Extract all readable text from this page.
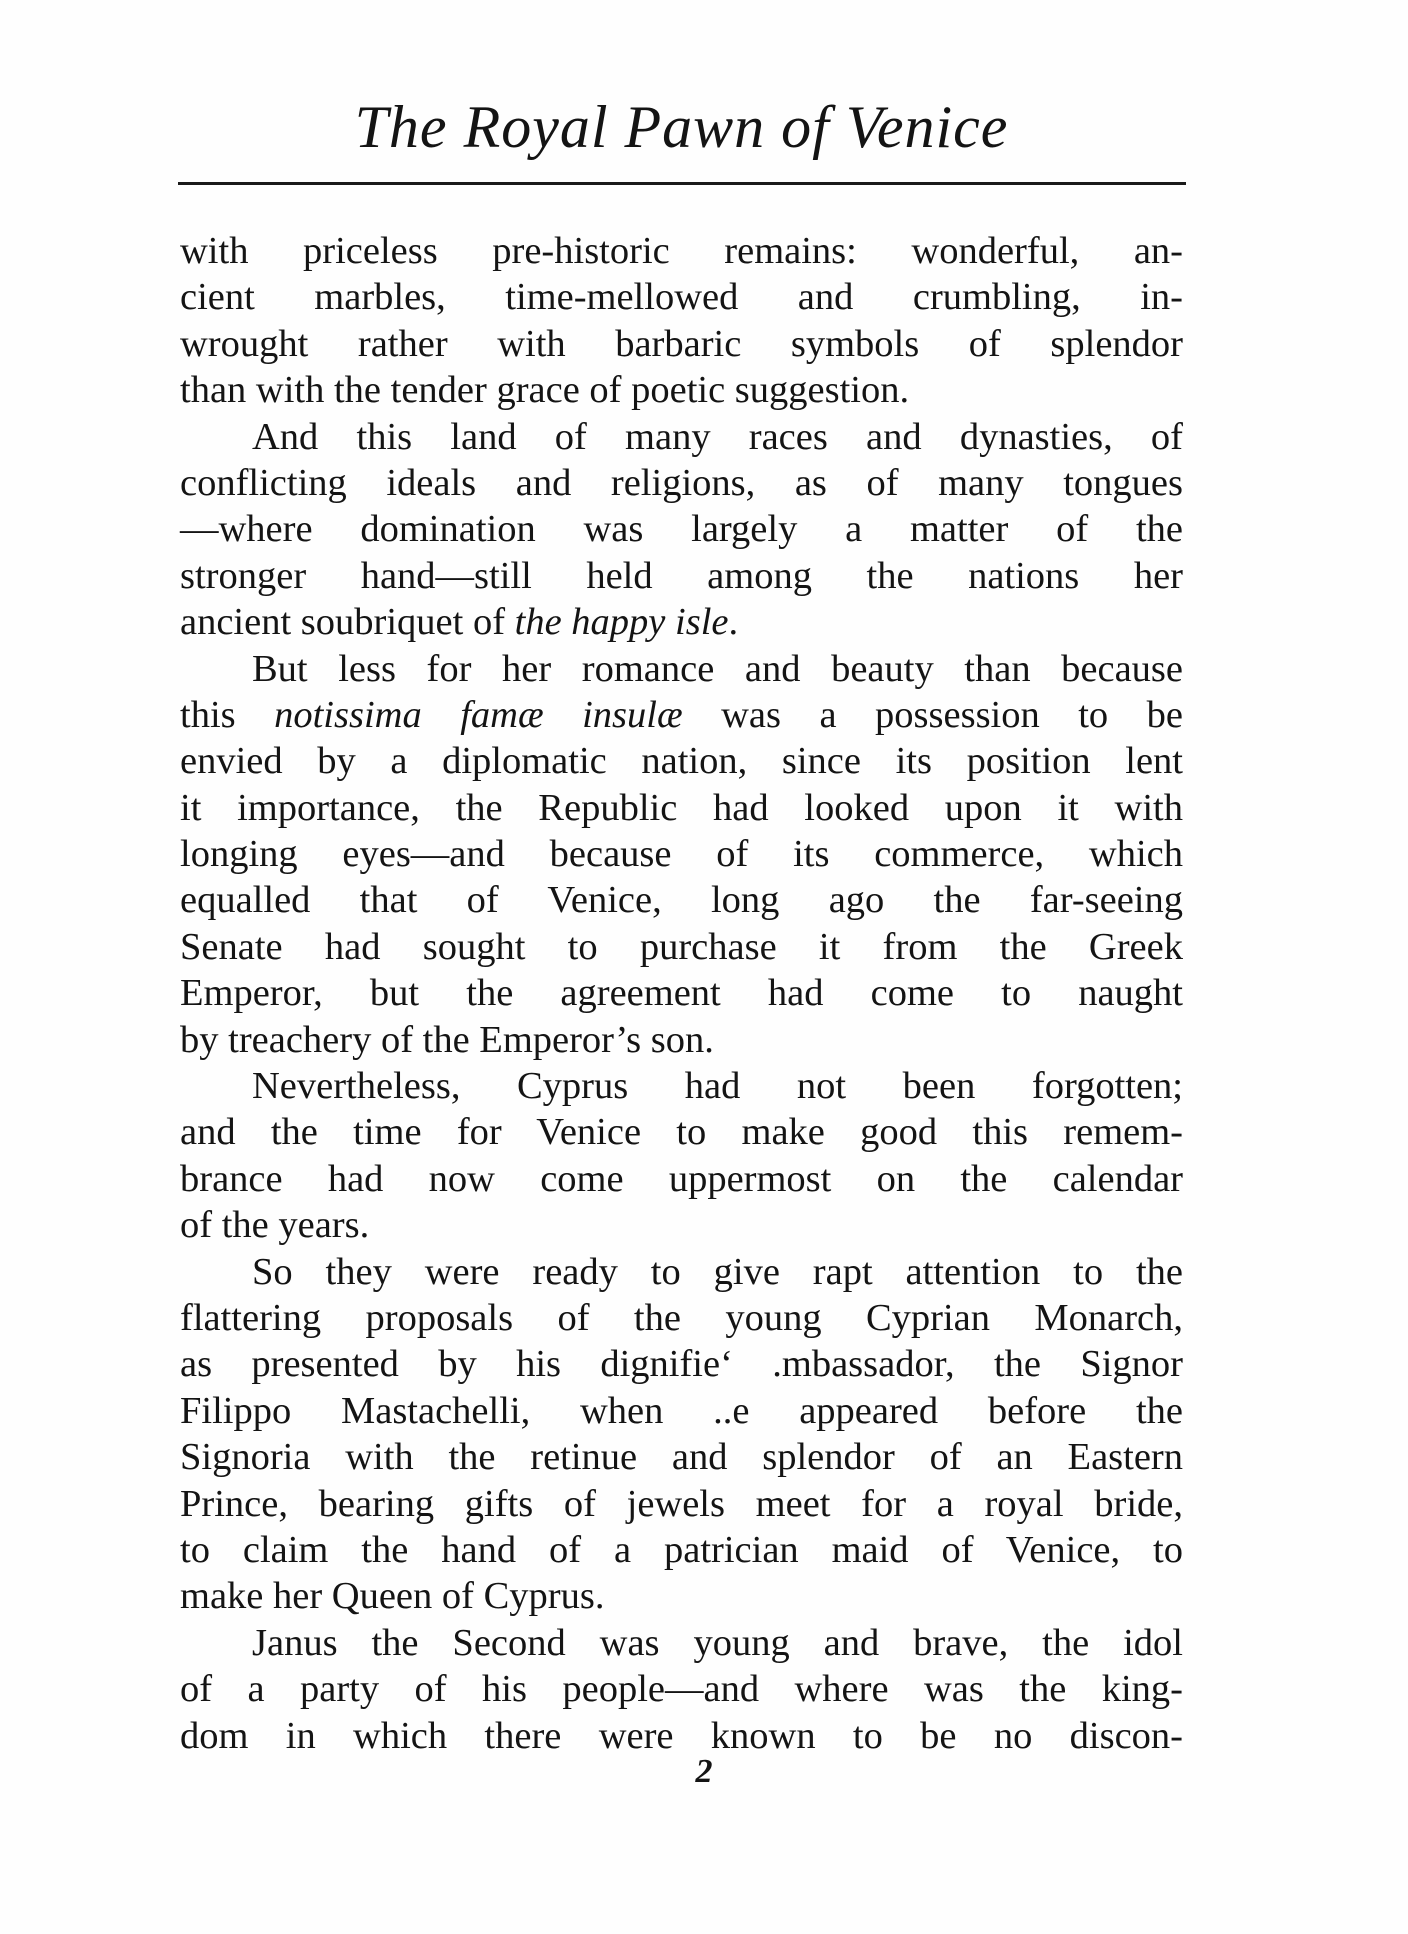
The Royal Pawn of Venice
with priceless pre-historic remains: wonderful, an-
cient marbles, time-mellowed and crumbling, in-
wrought rather with barbaric symbols of splendor
than with the tender grace of poetic suggestion.
And this land of many races and dynasties, of
conflicting ideals and religions, as of many tongues
—where domination was largely a matter of the
stronger hand—still held among the nations her
ancient soubriquet of the happy isle.
But less for her romance and beauty than because
this notissima famæ insulæ was a possession to be
envied by a diplomatic nation, since its position lent
it importance, the Republic had looked upon it with
longing eyes—and because of its commerce, which
equalled that of Venice, long ago the far-seeing
Senate had sought to purchase it from the Greek
Emperor, but the agreement had come to naught
by treachery of the Emperor’s son.
Nevertheless, Cyprus had not been forgotten;
and the time for Venice to make good this remem-
brance had now come uppermost on the calendar
of the years.
So they were ready to give rapt attention to the
flattering proposals of the young Cyprian Monarch,
as presented by his dignifie‘ .mbassador, the Signor
Filippo Mastachelli, when ..e appeared before the
Signoria with the retinue and splendor of an Eastern
Prince, bearing gifts of jewels meet for a royal bride,
to claim the hand of a patrician maid of Venice, to
make her Queen of Cyprus.
Janus the Second was young and brave, the idol
of a party of his people—and where was the king-
dom in which there were known to be no discon-
2
